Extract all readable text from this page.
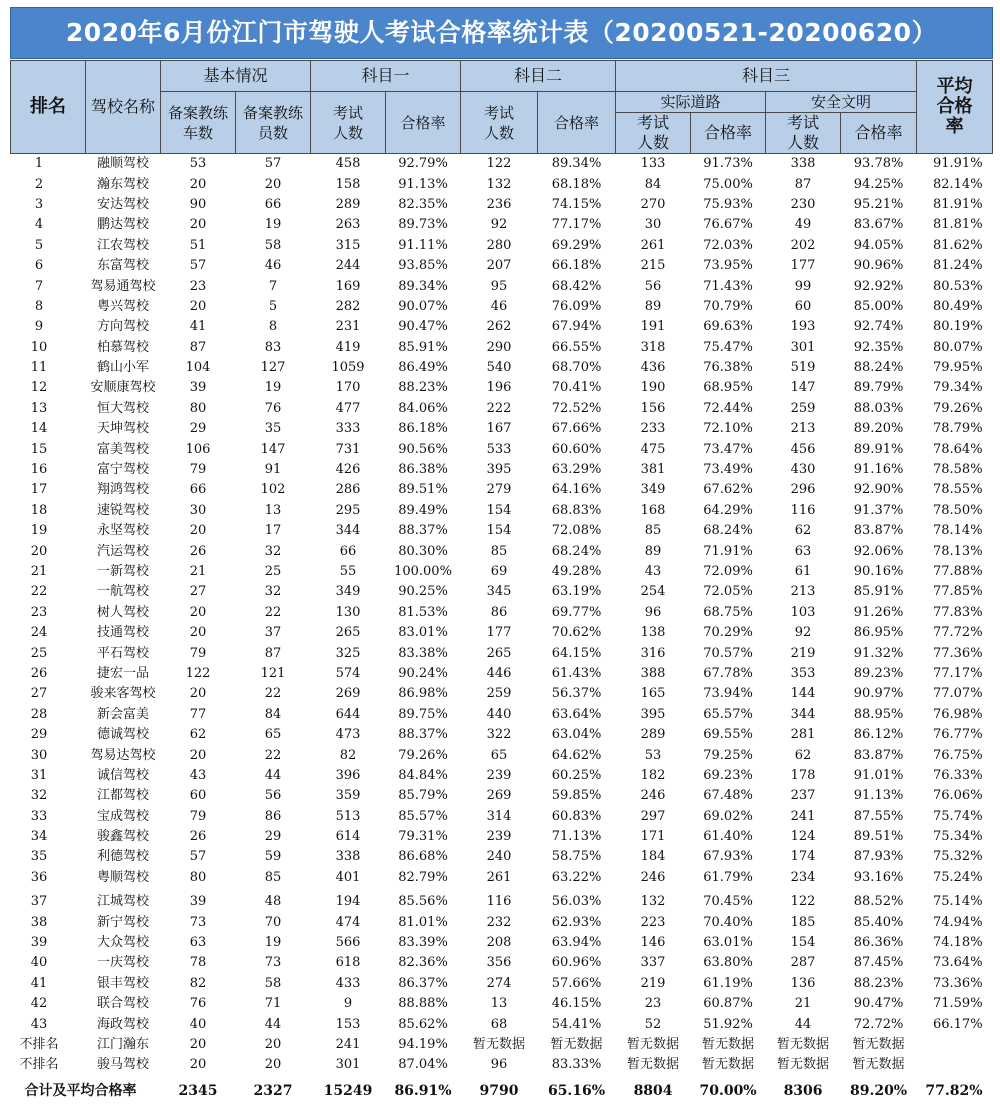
2020年6月份江门市驾驶人考试合格率统计表（20200521-20200620）
排名	驾校名称	基本情况		科目一		科目二		科目三				平均合格率
		备案教练车数	备案教练员数	考试人数	合格率	考试人数	合格率	实际道路		安全文明		
								考试人数	合格率	考试人数	合格率	
1	融顺驾校	53	57	458	92.79%	122	89.34%	133	91.73%	338	93.78%	91.91%
2	瀚东驾校	20	20	158	91.13%	132	68.18%	84	75.00%	87	94.25%	82.14%
3	安达驾校	90	66	289	82.35%	236	74.15%	270	75.93%	230	95.21%	81.91%
4	鹏达驾校	20	19	263	89.73%	92	77.17%	30	76.67%	49	83.67%	81.81%
5	江农驾校	51	58	315	91.11%	280	69.29%	261	72.03%	202	94.05%	81.62%
6	东富驾校	57	46	244	93.85%	207	66.18%	215	73.95%	177	90.96%	81.24%
7	驾易通驾校	23	7	169	89.34%	95	68.42%	56	71.43%	99	92.92%	80.53%
8	粤兴驾校	20	5	282	90.07%	46	76.09%	89	70.79%	60	85.00%	80.49%
9	方向驾校	41	8	231	90.47%	262	67.94%	191	69.63%	193	92.74%	80.19%
10	柏慕驾校	87	83	419	85.91%	290	66.55%	318	75.47%	301	92.35%	80.07%
11	鹤山小军	104	127	1059	86.49%	540	68.70%	436	76.38%	519	88.24%	79.95%
12	安顺康驾校	39	19	170	88.23%	196	70.41%	190	68.95%	147	89.79%	79.34%
13	恒大驾校	80	76	477	84.06%	222	72.52%	156	72.44%	259	88.03%	79.26%
14	天坤驾校	29	35	333	86.18%	167	67.66%	233	72.10%	213	89.20%	78.79%
15	富美驾校	106	147	731	90.56%	533	60.60%	475	73.47%	456	89.91%	78.64%
16	富宁驾校	79	91	426	86.38%	395	63.29%	381	73.49%	430	91.16%	78.58%
17	翔鸿驾校	66	102	286	89.51%	279	64.16%	349	67.62%	296	92.90%	78.55%
18	速锐驾校	30	13	295	89.49%	154	68.83%	168	64.29%	116	91.37%	78.50%
19	永坚驾校	20	17	344	88.37%	154	72.08%	85	68.24%	62	83.87%	78.14%
20	汽运驾校	26	32	66	80.30%	85	68.24%	89	71.91%	63	92.06%	78.13%
21	一新驾校	21	25	55	100.00%	69	49.28%	43	72.09%	61	90.16%	77.88%
22	一航驾校	27	32	349	90.25%	345	63.19%	254	72.05%	213	85.91%	77.85%
23	树人驾校	20	22	130	81.53%	86	69.77%	96	68.75%	103	91.26%	77.83%
24	技通驾校	20	37	265	83.01%	177	70.62%	138	70.29%	92	86.95%	77.72%
25	平石驾校	79	87	325	83.38%	265	64.15%	316	70.57%	219	91.32%	77.36%
26	捷宏一品	122	121	574	90.24%	446	61.43%	388	67.78%	353	89.23%	77.17%
27	骏来客驾校	20	22	269	86.98%	259	56.37%	165	73.94%	144	90.97%	77.07%
28	新会富美	77	84	644	89.75%	440	63.64%	395	65.57%	344	88.95%	76.98%
29	德诚驾校	62	65	473	88.37%	322	63.04%	289	69.55%	281	86.12%	76.77%
30	驾易达驾校	20	22	82	79.26%	65	64.62%	53	79.25%	62	83.87%	76.75%
31	诚信驾校	43	44	396	84.84%	239	60.25%	182	69.23%	178	91.01%	76.33%
32	江都驾校	60	56	359	85.79%	269	59.85%	246	67.48%	237	91.13%	76.06%
33	宝成驾校	79	86	513	85.57%	314	60.83%	297	69.02%	241	87.55%	75.74%
34	骏鑫驾校	26	29	614	79.31%	239	71.13%	171	61.40%	124	89.51%	75.34%
35	利德驾校	57	59	338	86.68%	240	58.75%	184	67.93%	174	87.93%	75.32%
36	粤顺驾校	80	85	401	82.79%	261	63.22%	246	61.79%	234	93.16%	75.24%

37	江城驾校	39	48	194	85.56%	116	56.03%	132	70.45%	122	88.52%	75.14%
38	新宁驾校	73	70	474	81.01%	232	62.93%	223	70.40%	185	85.40%	74.94%
39	大众驾校	63	19	566	83.39%	208	63.94%	146	63.01%	154	86.36%	74.18%
40	一庆驾校	78	73	618	82.36%	356	60.96%	337	63.80%	287	87.45%	73.64%
41	银丰驾校	82	58	433	86.37%	274	57.66%	219	61.19%	136	88.23%	73.36%
42	联合驾校	76	71	9	88.88%	13	46.15%	23	60.87%	21	90.47%	71.59%
43	海政驾校	40	44	153	85.62%	68	54.41%	52	51.92%	44	72.72%	66.17%
不排名	江门瀚东	20	20	241	94.19%	暂无数据	暂无数据	暂无数据	暂无数据	暂无数据	暂无数据	
不排名	骏马驾校	20	20	301	87.04%	96	83.33%	暂无数据	暂无数据	暂无数据	暂无数据	
合计及平均合格率		2345	2327	15249	86.91%	9790	65.16%	8804	70.00%	8306	89.20%	77.82%
